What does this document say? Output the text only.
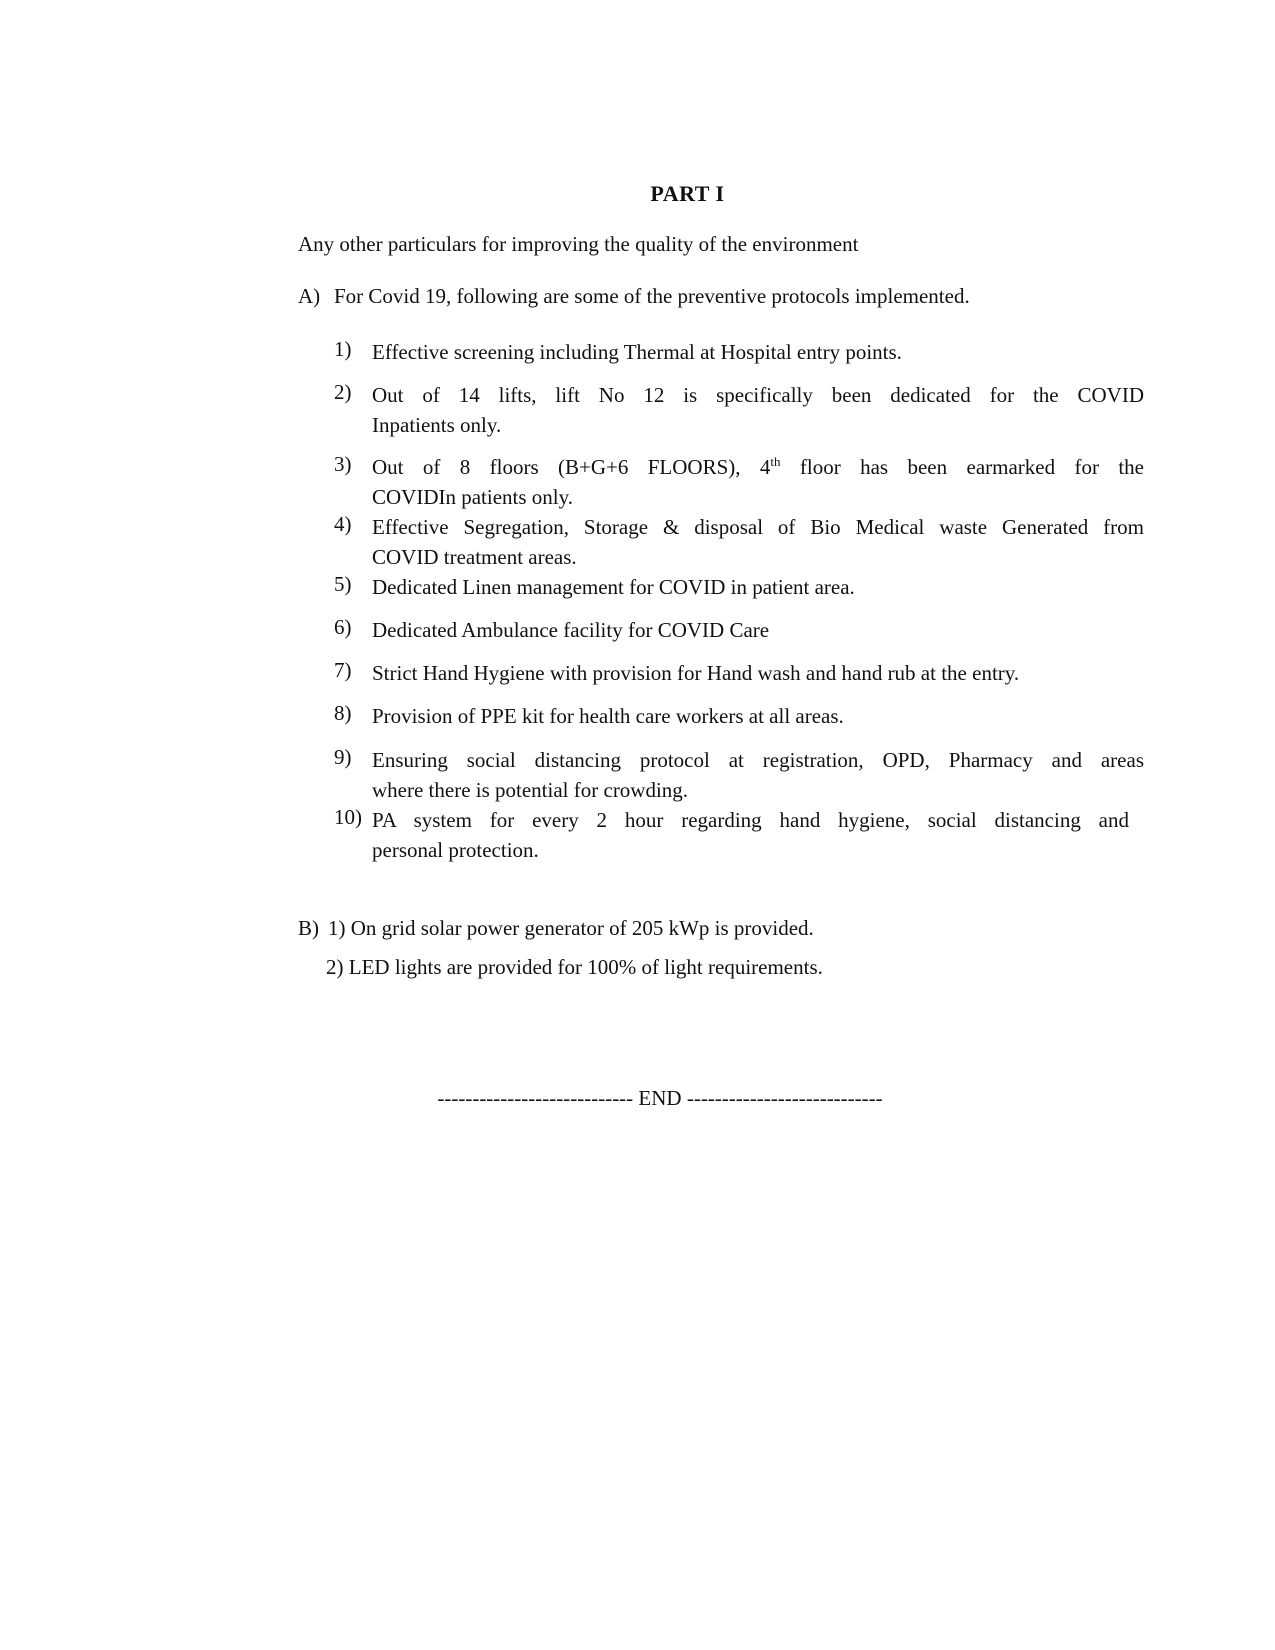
PART I
Any other particulars for improving the quality of the environment
A) For Covid 19, following are some of the preventive protocols implemented.
1) Effective screening including Thermal at Hospital entry points.
2) Out of 14 lifts, lift No 12 is specifically been dedicated for the COVID
Inpatients only.
3) Out of 8 floors (B+G+6 FLOORS), 4th floor has been earmarked for the
COVIDIn patients only.
4) Effective Segregation, Storage & disposal of Bio Medical waste Generated from
COVID treatment areas.
5) Dedicated Linen management for COVID in patient area.
6) Dedicated Ambulance facility for COVID Care
7) Strict Hand Hygiene with provision for Hand wash and hand rub at the entry.
8) Provision of PPE kit for health care workers at all areas.
9) Ensuring social distancing protocol at registration, OPD, Pharmacy and areas
where there is potential for crowding.
10) PA system for every 2 hour regarding hand hygiene, social distancing and
personal protection.
B) 1) On grid solar power generator of 205 kWp is provided.
2) LED lights are provided for 100% of light requirements.
---------------------------- END ----------------------------
